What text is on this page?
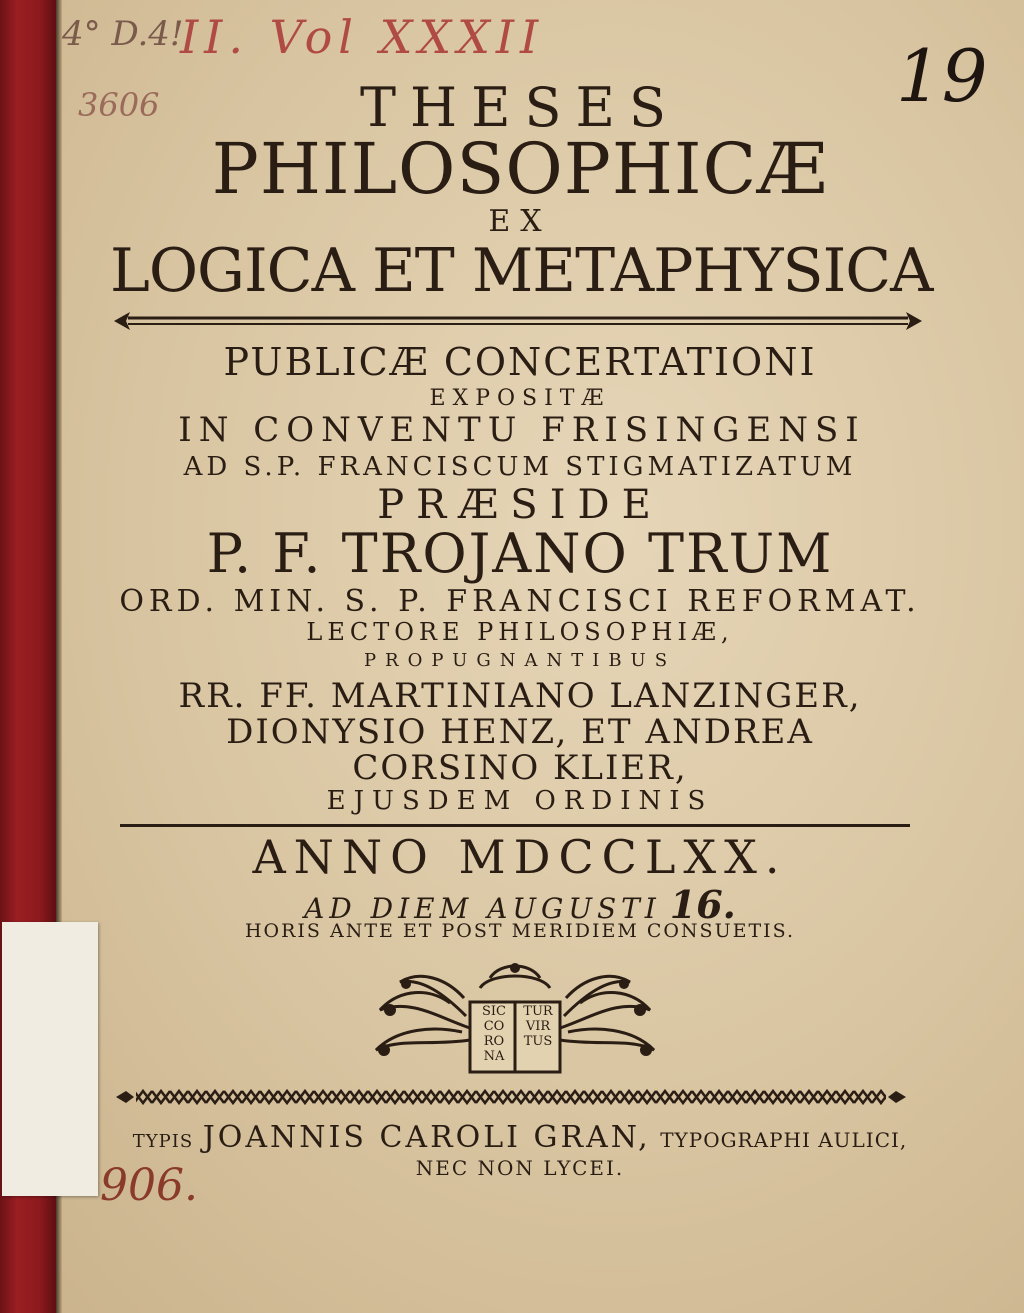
4° D.4!
II. Vol XXXII
3606	19
906.
THESES
PHILOSOPHICÆ
EX
LOGICA ET METAPHYSICA
PUBLICÆ CONCERTATIONI
EXPOSITÆ
IN CONVENTU FRISINGENSI
AD S.P. FRANCISCUM STIGMATIZATUM
PRÆSIDE
P. F. TROJANO TRUM
ORD. MIN. S. P. FRANCISCI REFORMAT.
LECTORE PHILOSOPHIÆ,
PROPUGNANTIBUS
RR. FF. MARTINIANO LANZINGER,
DIONYSIO HENZ, ET ANDREA
CORSINO KLIER,
EJUSDEM ORDINIS
ANNO MDCCLXX.
AD DIEM AUGUSTI 16.
HORIS ANTE ET POST MERIDIEM CONSUETIS.
SIC
CO
RO
NA
TUR
VIR
TUS
TYPIS JOANNIS CAROLI GRAN, TYPOGRAPHI AULICI,
NEC NON LYCEI.
